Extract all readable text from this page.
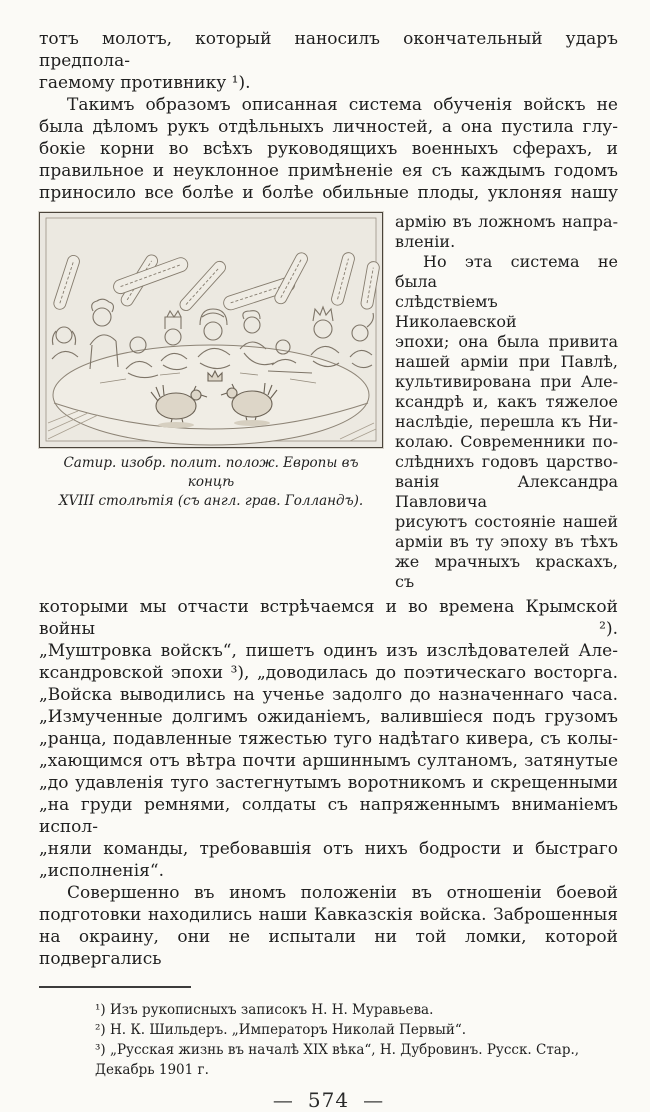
тотъ молотъ, который наносилъ окончательный ударъ предпола-
гаемому противнику ¹).
Такимъ образомъ описанная система обученія войскъ не
была дѣломъ рукъ отдѣльныхъ личностей, а она пустила глу-
бокіе корни во всѣхъ руководящихъ военныхъ сферахъ, и
правильное и неуклонное примѣненіе ея съ каждымъ годомъ
приносило все болѣе и болѣе обильные плоды, уклоняя нашу
Сатир. изобр. полит. полож. Европы въ концѣ
XVIII столѣтія (съ англ. грав. Голландъ).
армію въ ложномъ напра-
вленіи.
Но эта система не была
слѣдствіемъ Николаевской
эпохи; она была привита
нашей арміи при Павлѣ,
культивирована при Але-
ксандрѣ и, какъ тяжелое
наслѣдіе, перешла къ Ни-
колаю. Современники по-
слѣднихъ годовъ царство-
ванія Александра Павловича
рисуютъ состояніе нашей
арміи въ ту эпоху въ тѣхъ
же мрачныхъ краскахъ, съ
которыми мы отчасти встрѣчаемся и во времена Крымской войны ²).
„Муштровка войскъ“, пишетъ одинъ изъ изслѣдователей Але-
ксандровской эпохи ³), „доводилась до поэтическаго восторга.
„Войска выводились на ученье задолго до назначеннаго часа.
„Измученные долгимъ ожиданіемъ, валившіеся подъ грузомъ
„ранца, подавленные тяжестью туго надѣтаго кивера, съ колы-
„хающимся отъ вѣтра почти аршиннымъ султаномъ, затянутые
„до удавленія туго застегнутымъ воротникомъ и скрещенными
„на груди ремнями, солдаты съ напряженнымъ вниманіемъ испол-
„няли команды, требовавшія отъ нихъ бодрости и быстраго
„исполненія“.
Совершенно въ иномъ положеніи въ отношеніи боевой
подготовки находились наши Кавказскія войска. Заброшенныя
на окраину, они не испытали ни той ломки, которой подвергались
¹) Изъ рукописныхъ записокъ Н. Н. Муравьева.
²) Н. К. Шильдеръ. „Императоръ Николай Первый“.
³) „Русская жизнь въ началѣ XIX вѣка“, Н. Дубровинъ. Русск. Стар., Декабрь 1901 г.
— 574 —
